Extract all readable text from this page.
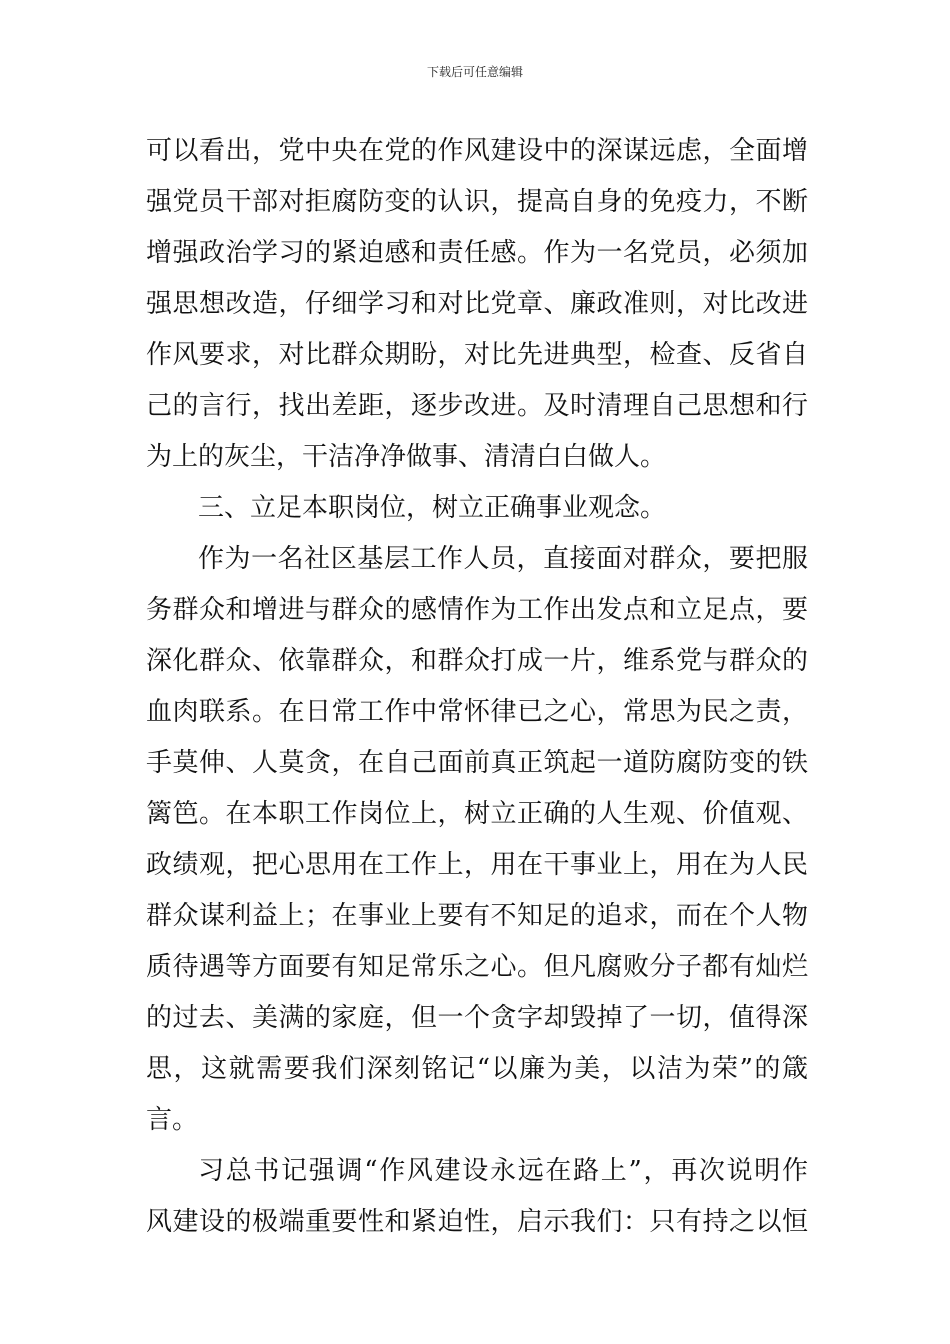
下载后可任意编辑

可以看出，党中央在党的作风建设中的深谋远虑，全面增
强党员干部对拒腐防变的认识，提高自身的免疫力，不断
增强政治学习的紧迫感和责任感。作为一名党员，必须加
强思想改造，仔细学习和对比党章、廉政准则，对比改进
作风要求，对比群众期盼，对比先进典型，检查、反省自
己的言行，找出差距，逐步改进。及时清理自己思想和行
为上的灰尘，干洁净净做事、清清白白做人。

三、立足本职岗位，树立正确事业观念。

作为一名社区基层工作人员，直接面对群众，要把服
务群众和增进与群众的感情作为工作出发点和立足点，要
深化群众、依靠群众，和群众打成一片，维系党与群众的
血肉联系。在日常工作中常怀律已之心，常思为民之责，
手莫伸、人莫贪，在自己面前真正筑起一道防腐防变的铁
篱笆。在本职工作岗位上，树立正确的人生观、价值观、
政绩观，把心思用在工作上，用在干事业上，用在为人民
群众谋利益上；在事业上要有不知足的追求，而在个人物
质待遇等方面要有知足常乐之心。但凡腐败分子都有灿烂
的过去、美满的家庭，但一个贪字却毁掉了一切，值得深
思，这就需要我们深刻铭记“以廉为美，以洁为荣”的箴
言。

习总书记强调“作风建设永远在路上”，再次说明作
风建设的极端重要性和紧迫性，启示我们：只有持之以恒
